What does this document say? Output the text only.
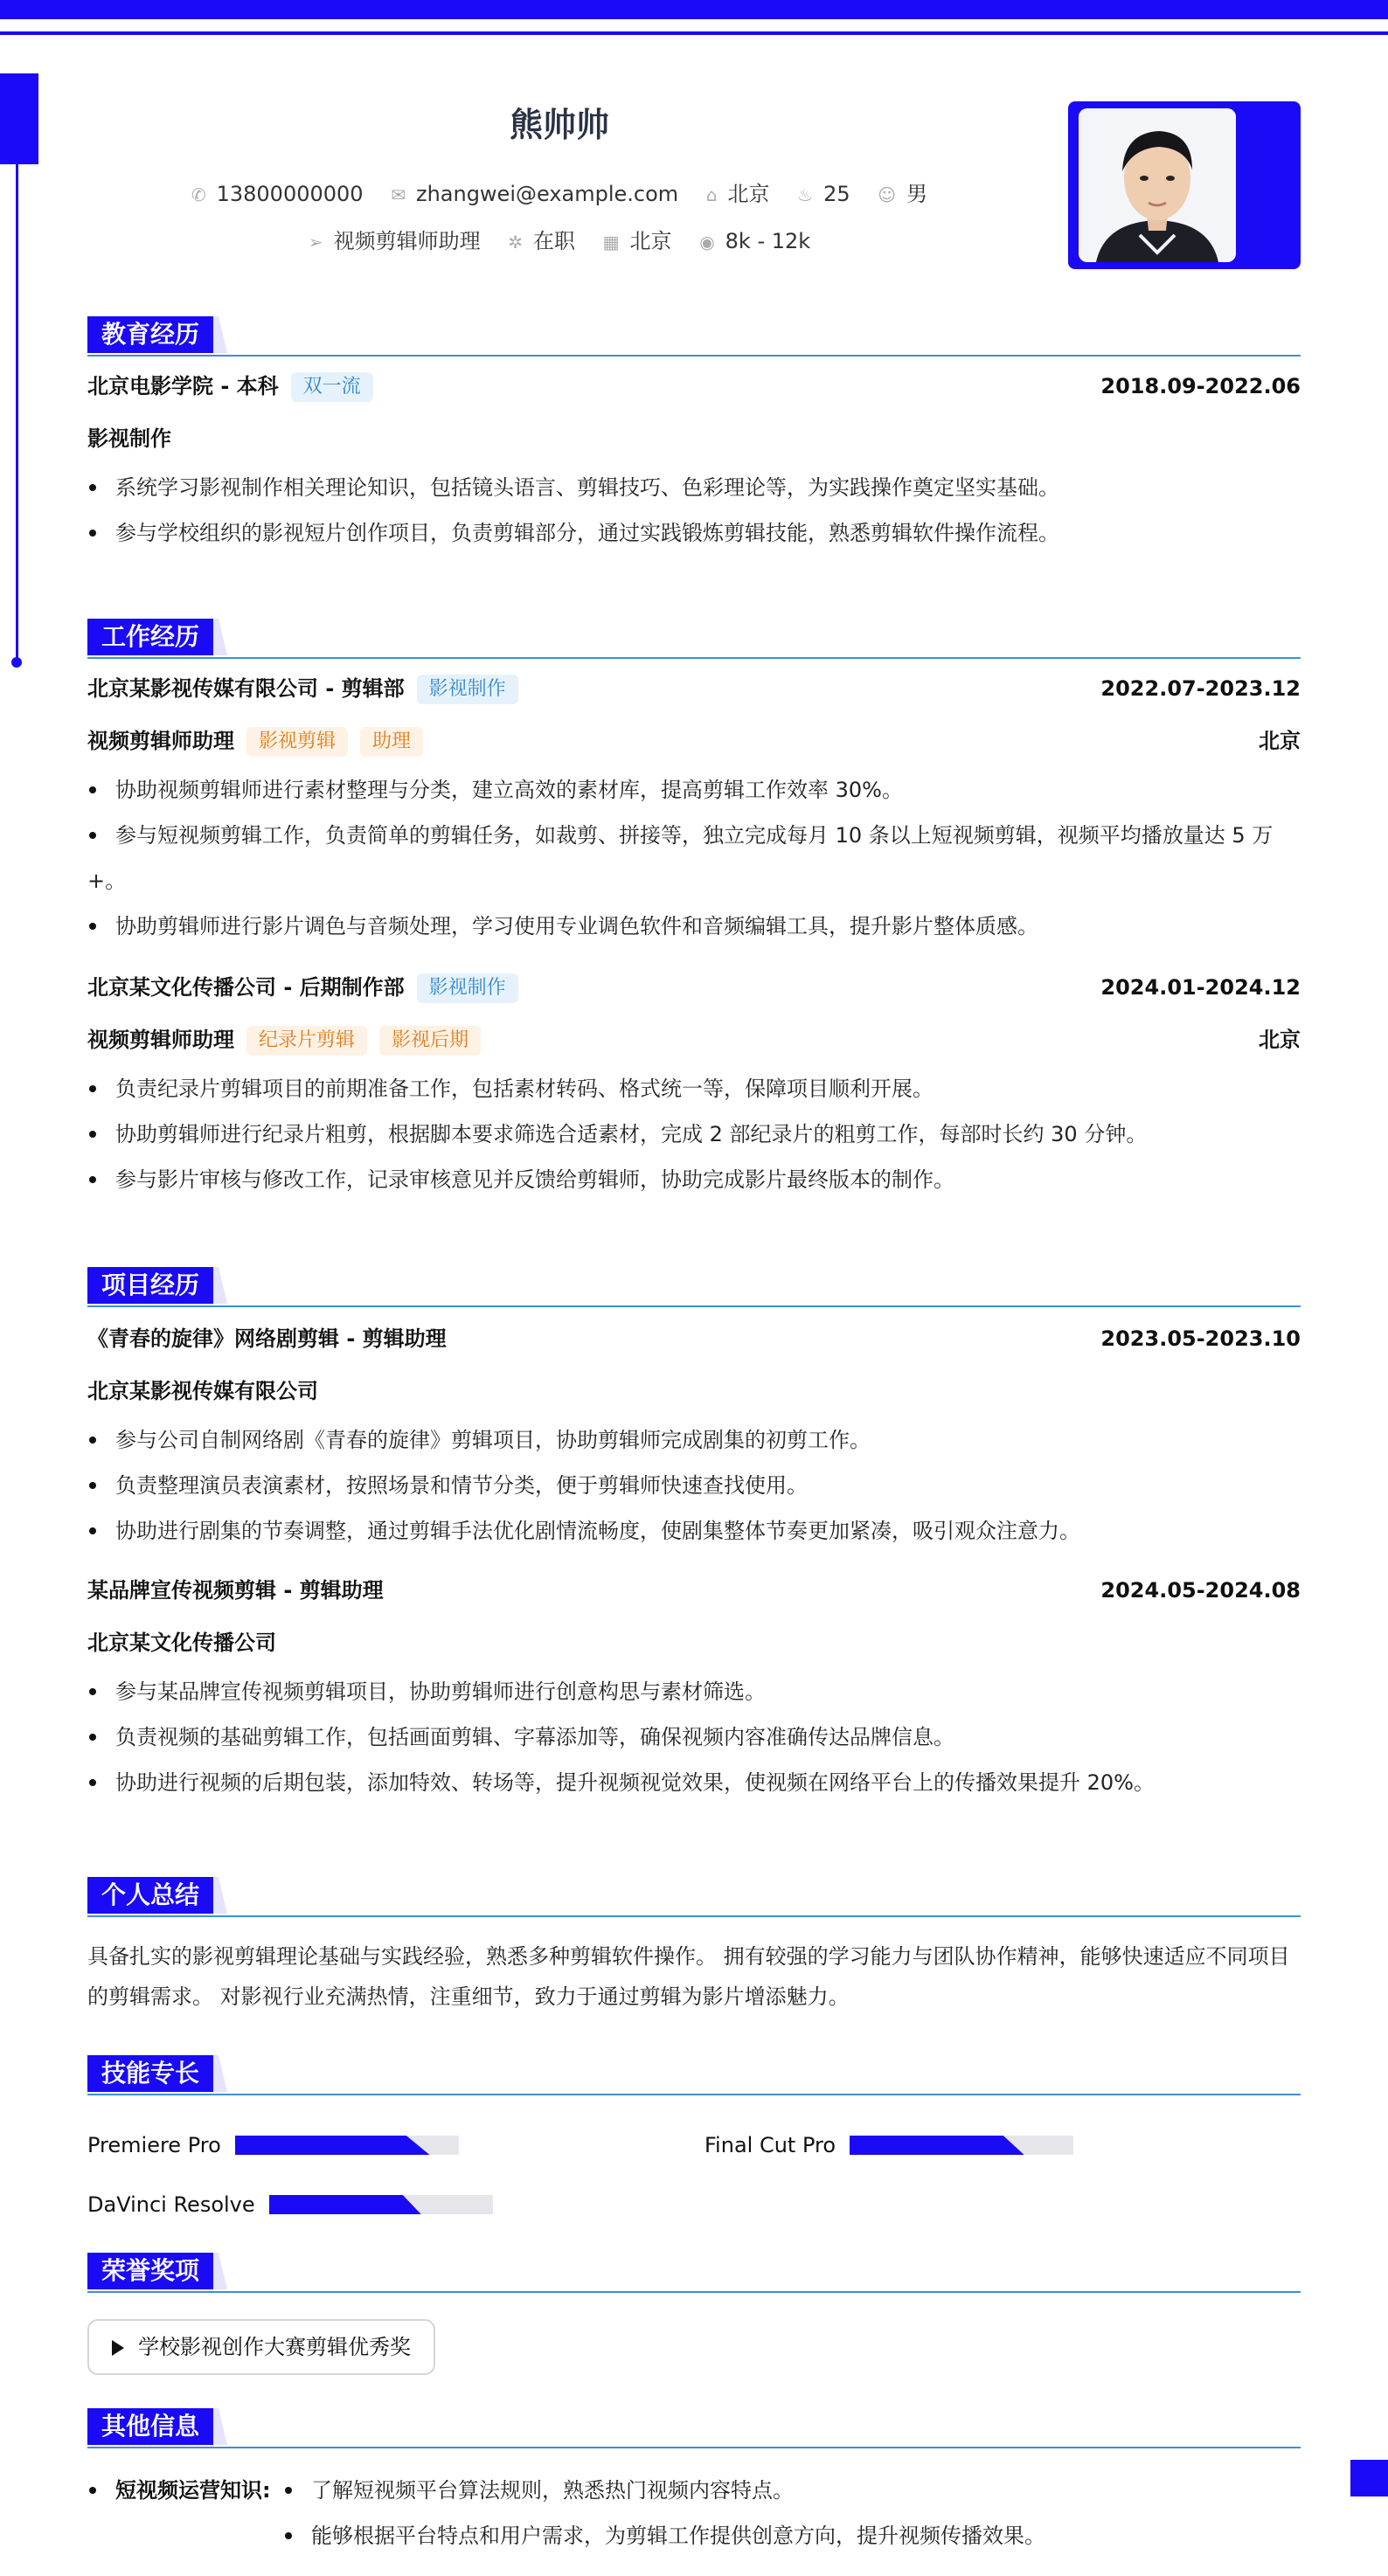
熊帅帅
✆ 13800000000 ✉ zhangwei@example.com ⌂ 北京 ♨ 25 ☺ 男
➢ 视频剪辑师助理 ✲ 在职 ▦ 北京 ◉ 8k - 12k
教育经历
北京电影学院 - 本科 双一流	2018.09-2022.06
影视制作
系统学习影视制作相关理论知识，包括镜头语言、剪辑技巧、色彩理论等，为实践操作奠定坚实基础。
参与学校组织的影视短片创作项目，负责剪辑部分，通过实践锻炼剪辑技能，熟悉剪辑软件操作流程。
工作经历
北京某影视传媒有限公司 - 剪辑部 影视制作	2022.07-2023.12
视频剪辑师助理 影视剪辑 助理	北京
协助视频剪辑师进行素材整理与分类，建立高效的素材库，提高剪辑工作效率 30%。
参与短视频剪辑工作，负责简单的剪辑任务，如裁剪、拼接等，独立完成每月 10 条以上短视频剪辑，视频平均播放量达 5 万
+。
协助剪辑师进行影片调色与音频处理，学习使用专业调色软件和音频编辑工具，提升影片整体质感。
北京某文化传播公司 - 后期制作部 影视制作	2024.01-2024.12
视频剪辑师助理 纪录片剪辑 影视后期	北京
负责纪录片剪辑项目的前期准备工作，包括素材转码、格式统一等，保障项目顺利开展。
协助剪辑师进行纪录片粗剪，根据脚本要求筛选合适素材，完成 2 部纪录片的粗剪工作，每部时长约 30 分钟。
参与影片审核与修改工作，记录审核意见并反馈给剪辑师，协助完成影片最终版本的制作。
项目经历
《青春的旋律》网络剧剪辑 - 剪辑助理	2023.05-2023.10
北京某影视传媒有限公司
参与公司自制网络剧《青春的旋律》剪辑项目，协助剪辑师完成剧集的初剪工作。
负责整理演员表演素材，按照场景和情节分类，便于剪辑师快速查找使用。
协助进行剧集的节奏调整，通过剪辑手法优化剧情流畅度，使剧集整体节奏更加紧凑，吸引观众注意力。
某品牌宣传视频剪辑 - 剪辑助理	2024.05-2024.08
北京某文化传播公司
参与某品牌宣传视频剪辑项目，协助剪辑师进行创意构思与素材筛选。
负责视频的基础剪辑工作，包括画面剪辑、字幕添加等，确保视频内容准确传达品牌信息。
协助进行视频的后期包装，添加特效、转场等，提升视频视觉效果，使视频在网络平台上的传播效果提升 20%。
个人总结
具备扎实的影视剪辑理论基础与实践经验，熟悉多种剪辑软件操作。 拥有较强的学习能力与团队协作精神，能够快速适应不同项目的剪辑需求。 对影视行业充满热情，注重细节，致力于通过剪辑为影片增添魅力。
技能专长
Premiere Pro	Final Cut Pro
DaVinci Resolve
荣誉奖项
学校影视创作大赛剪辑优秀奖
其他信息
短视频运营知识: 了解短视频平台算法规则，熟悉热门视频内容特点。
能够根据平台特点和用户需求，为剪辑工作提供创意方向，提升视频传播效果。
